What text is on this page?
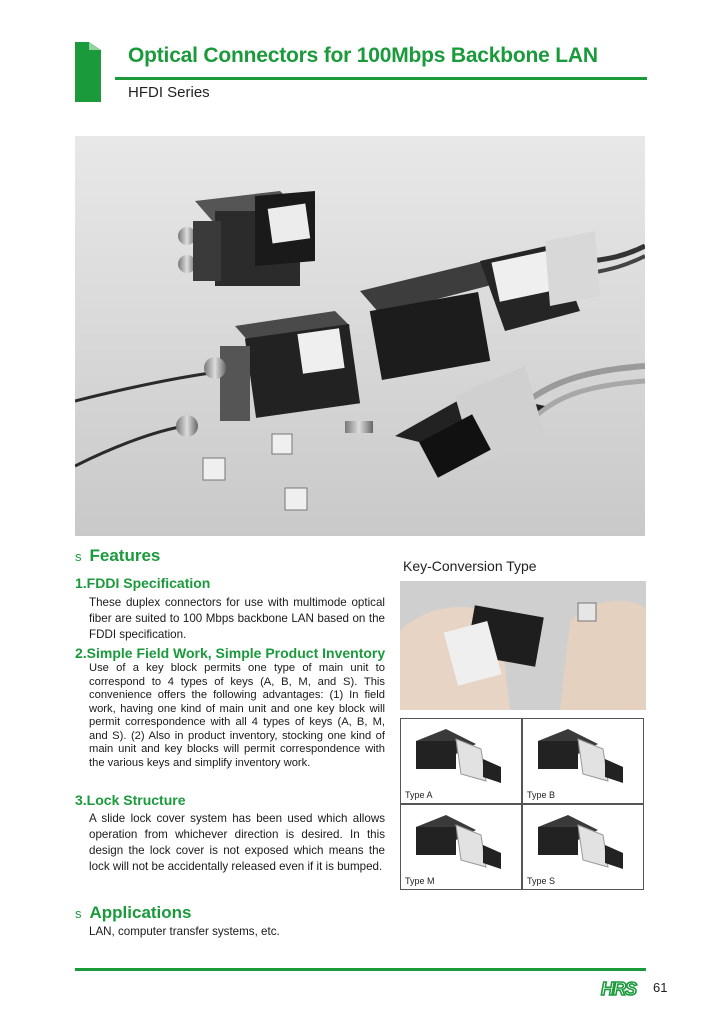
Optical Connectors for 100Mbps Backbone LAN
HFDI Series
s Features
1.FDDI Specification
These duplex connectors for use with multimode optical fiber are suited to 100 Mbps backbone LAN based on the FDDI specification.
2.Simple Field Work, Simple Product Inventory
Use of a key block permits one type of main unit to correspond to 4 types of keys (A, B, M, and S). This convenience offers the following advantages: (1) In field work, having one kind of main unit and one key block will permit correspondence with all 4 types of keys (A, B, M, and S). (2) Also in product inventory, stocking one kind of main unit and key blocks will permit correspondence with the various keys and simplify inventory work.
3.Lock Structure
A slide lock cover system has been used which allows operation from whichever direction is desired. In this design the lock cover is not exposed which means the lock will not be accidentally released even if it is bumped.
s Applications
LAN, computer transfer systems, etc.
Key-Conversion Type
Type A	Type B
Type M	Type S
HRS 61
